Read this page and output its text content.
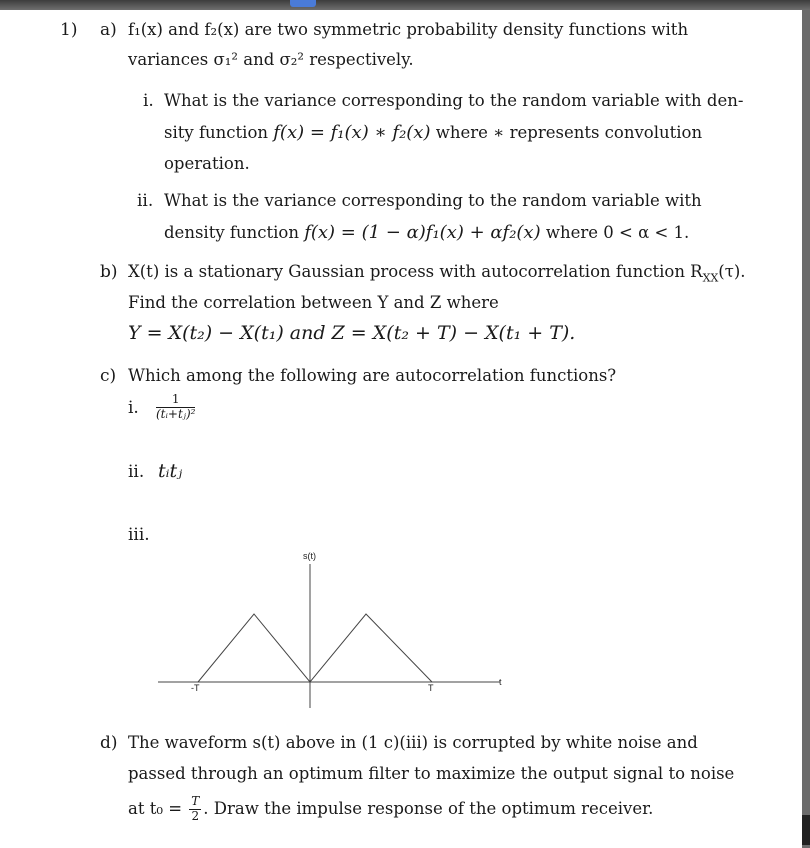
1) a) f₁(x) and f₂(x) are two symmetric probability density functions with
variances σ₁² and σ₂² respectively.
i. What is the variance corresponding to the random variable with den-
sity function f(x) = f₁(x) ∗ f₂(x) where ∗ represents convolution
operation.
ii. What is the variance corresponding to the random variable with
density function f(x) = (1 − α)f₁(x) + αf₂(x) where 0 < α < 1.
b) X(t) is a stationary Gaussian process with autocorrelation function $R_{XX}(\tau)$.
Find the correlation between Y and Z where
Y = X(t₂) − X(t₁) and Z = X(t₂ + T) − X(t₁ + T).
c) Which among the following are autocorrelation functions?
i. $\frac{1}{\text{(tᵢ+tⱼ)²}}$
ii. tᵢtⱼ
iii.
s(t)
t
-T	T
d) The waveform s(t) above in (1 c)(iii) is corrupted by white noise and
passed through an optimum filter to maximize the output signal to noise
at $t_0 = \frac{T}{2}$ . Draw the impulse response of the optimum receiver.
